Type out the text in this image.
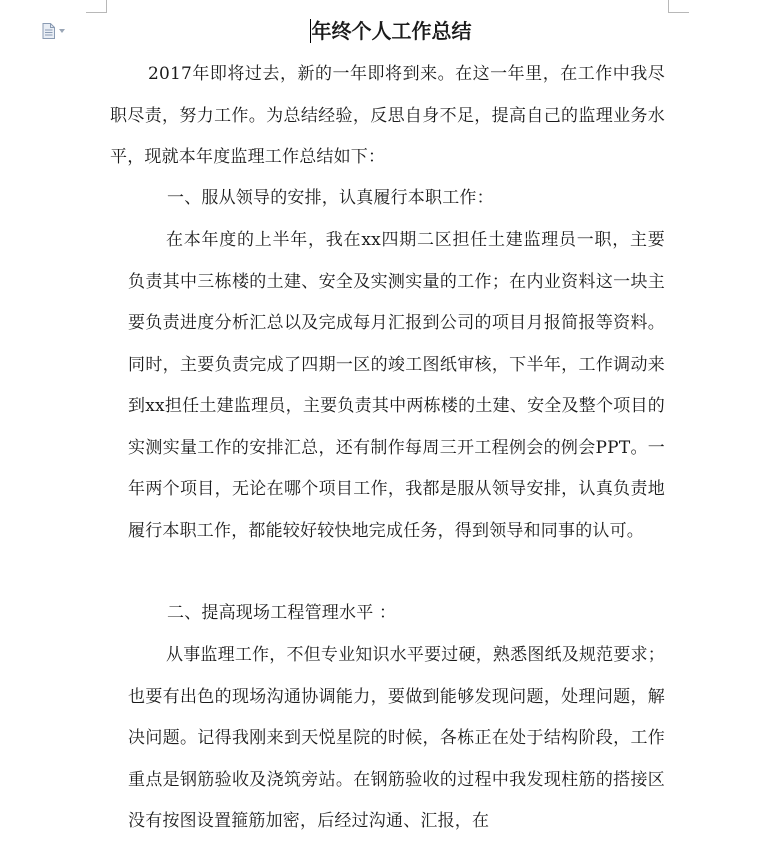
年终个人工作总结

2017年即将过去，新的一年即将到来。在这一年里，在工作中我尽职尽责，努力工作。为总结经验，反思自身不足，提高自己的监理业务水平，现就本年度监理工作总结如下：

一、服从领导的安排，认真履行本职工作：

在本年度的上半年，我在xx四期二区担任土建监理员一职，主要负责其中三栋楼的土建、安全及实测实量的工作；在内业资料这一块主要负责进度分析汇总以及完成每月汇报到公司的项目月报简报等资料。同时，主要负责完成了四期一区的竣工图纸审核，下半年，工作调动来到xx担任土建监理员，主要负责其中两栋楼的土建、安全及整个项目的实测实量工作的安排汇总，还有制作每周三开工程例会的例会PPT。一年两个项目，无论在哪个项目工作，我都是服从领导安排，认真负责地履行本职工作，都能较好较快地完成任务，得到领导和同事的认可。

二、提高现场工程管理水平 ：

从事监理工作，不但专业知识水平要过硬，熟悉图纸及规范要求；也要有出色的现场沟通协调能力，要做到能够发现问题，处理问题，解决问题。记得我刚来到天悦星院的时候，各栋正在处于结构阶段，工作重点是钢筋验收及浇筑旁站。在钢筋验收的过程中我发现柱筋的搭接区没有按图设置箍筋加密，后经过沟通、汇报，在
